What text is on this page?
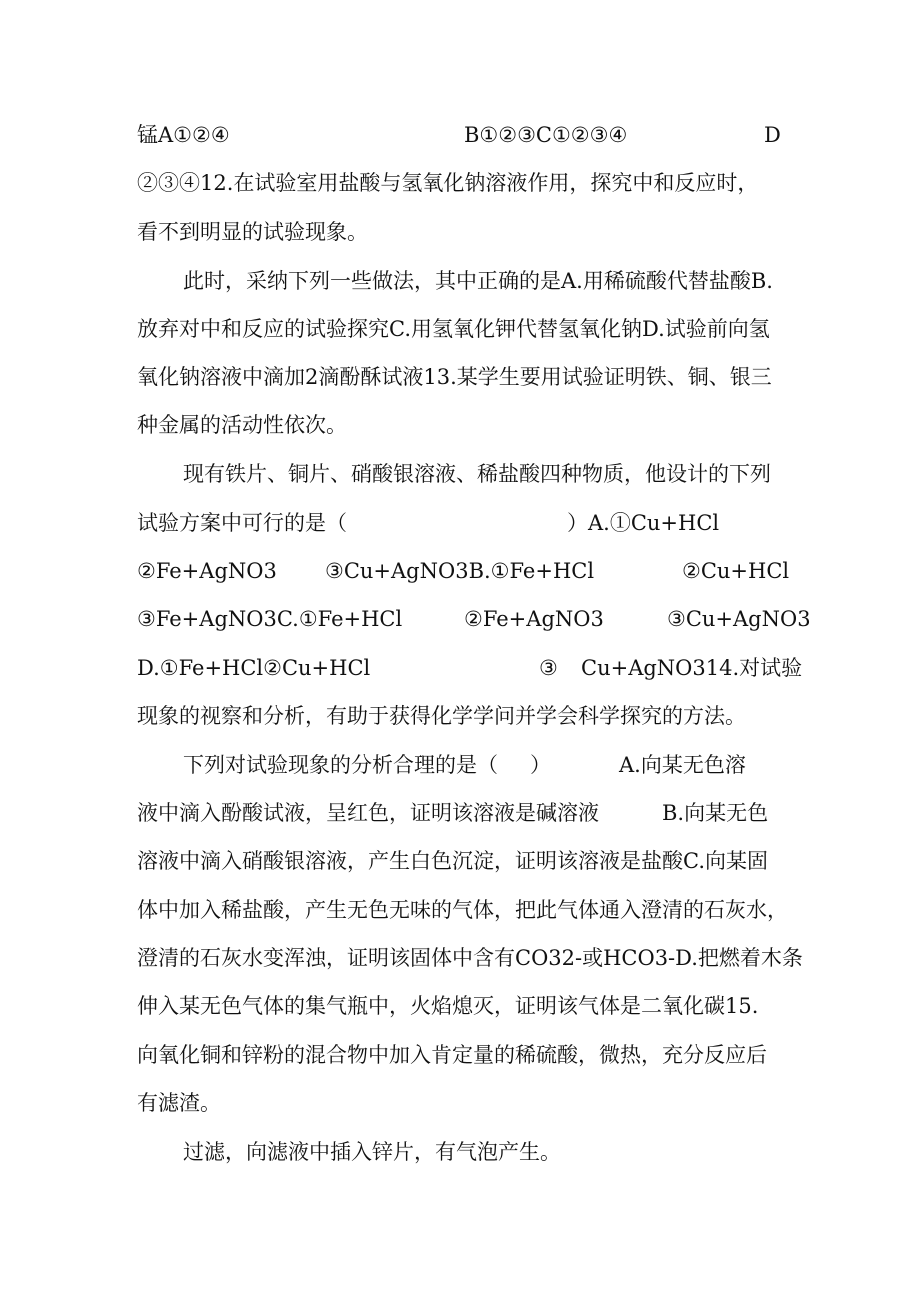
锰A①②④

	B①②③C①②③④

	D

②③④12.在试验室用盐酸与氢氧化钠溶液作用，探究中和反应时，
看不到明显的试验现象。
此时，采纳下列一些做法，其中正确的是A.用稀硫酸代替盐酸B.
放弃对中和反应的试验探究C.用氢氧化钾代替氢氧化钠D.试验前向氢
氧化钠溶液中滴加2滴酚酥试液13.某学生要用试验证明铁、铜、银三
种金属的活动性依次。
现有铁片、铜片、硝酸银溶液、稀盐酸四种物质，他设计的下列

试验方案中可行的是（

	）A.①Cu+HCl

②Fe+AgNO3

③Cu+AgNO3B.①Fe+HCl

	②Cu+HCl

③Fe+AgNO3C.①Fe+HCl

	②Fe+AgNO3

	③Cu+AgNO3

D.①Fe+HCl②Cu+HCl

	③

Cu+AgNO314.对试验

现象的视察和分析，有助于获得化学学问并学会科学探究的方法。

下列对试验现象的分析合理的是（

）

	A.向某无色溶

液中滴入酚酸试液，呈红色，证明该溶液是碱溶液

	B.向某无色

溶液中滴入硝酸银溶液，产生白色沉淀，证明该溶液是盐酸C.向某固
体中加入稀盐酸，产生无色无味的气体，把此气体通入澄清的石灰水，
澄清的石灰水变浑浊，证明该固体中含有CO32-或HCO3-D.把燃着木条
伸入某无色气体的集气瓶中，火焰熄灭，证明该气体是二氧化碳15.
向氧化铜和锌粉的混合物中加入肯定量的稀硫酸，微热，充分反应后
有滤渣。
过滤，向滤液中插入锌片，有气泡产生。
